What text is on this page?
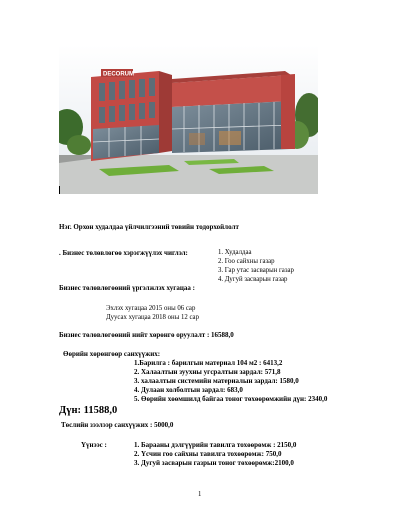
DECORUM
Нэг. Орхон худалдаа үйлчилгээний төвийн тодорхойлолт
. Бизнес төлөвлөгөө хэрэгжүүлэх чиглэл:	1. Худалдаа
2. Гоо сайхны газар
3. Гар утас засварын газар
4. Дугуй засварын газар
Бизнес төлөвлөгөөний үргэлжлэх хугацаа :
Эхлэх хугацаа 2015 оны 06 сар
Дуусах хугацаа 2018 оны 12 сар
Бизнес төлөвлөгөөний нийт хөрөнгө оруулалт : 16588,0
Өөрийн хөрөнгөөр санхүүжих:
1.Барилга : барилгын материал 104 м2 : 6413,2
2. Халаалтын зуухны угсралтын зардал: 571,8
3. халаалтын системийн материалын зардал: 1580,0
4. Дулаан холболтын зардал: 683,0
5. Өөрийн хөөмшилд байгаа тоног төхөөрөмжийн дүн: 2340,0
Дүн: 11588,0
Төслийн зээлээр санхүүжих : 5000,0
Үүнээс :	1. Барааны дэлгүүрийн тавилга тохөөрөмж : 2150,0
2. Үсчин гоо сайхны тавилга тохөөрөмж: 750,0
3. Дугуй засварын газрын тоног төхөөрөмж:2100,0
1
